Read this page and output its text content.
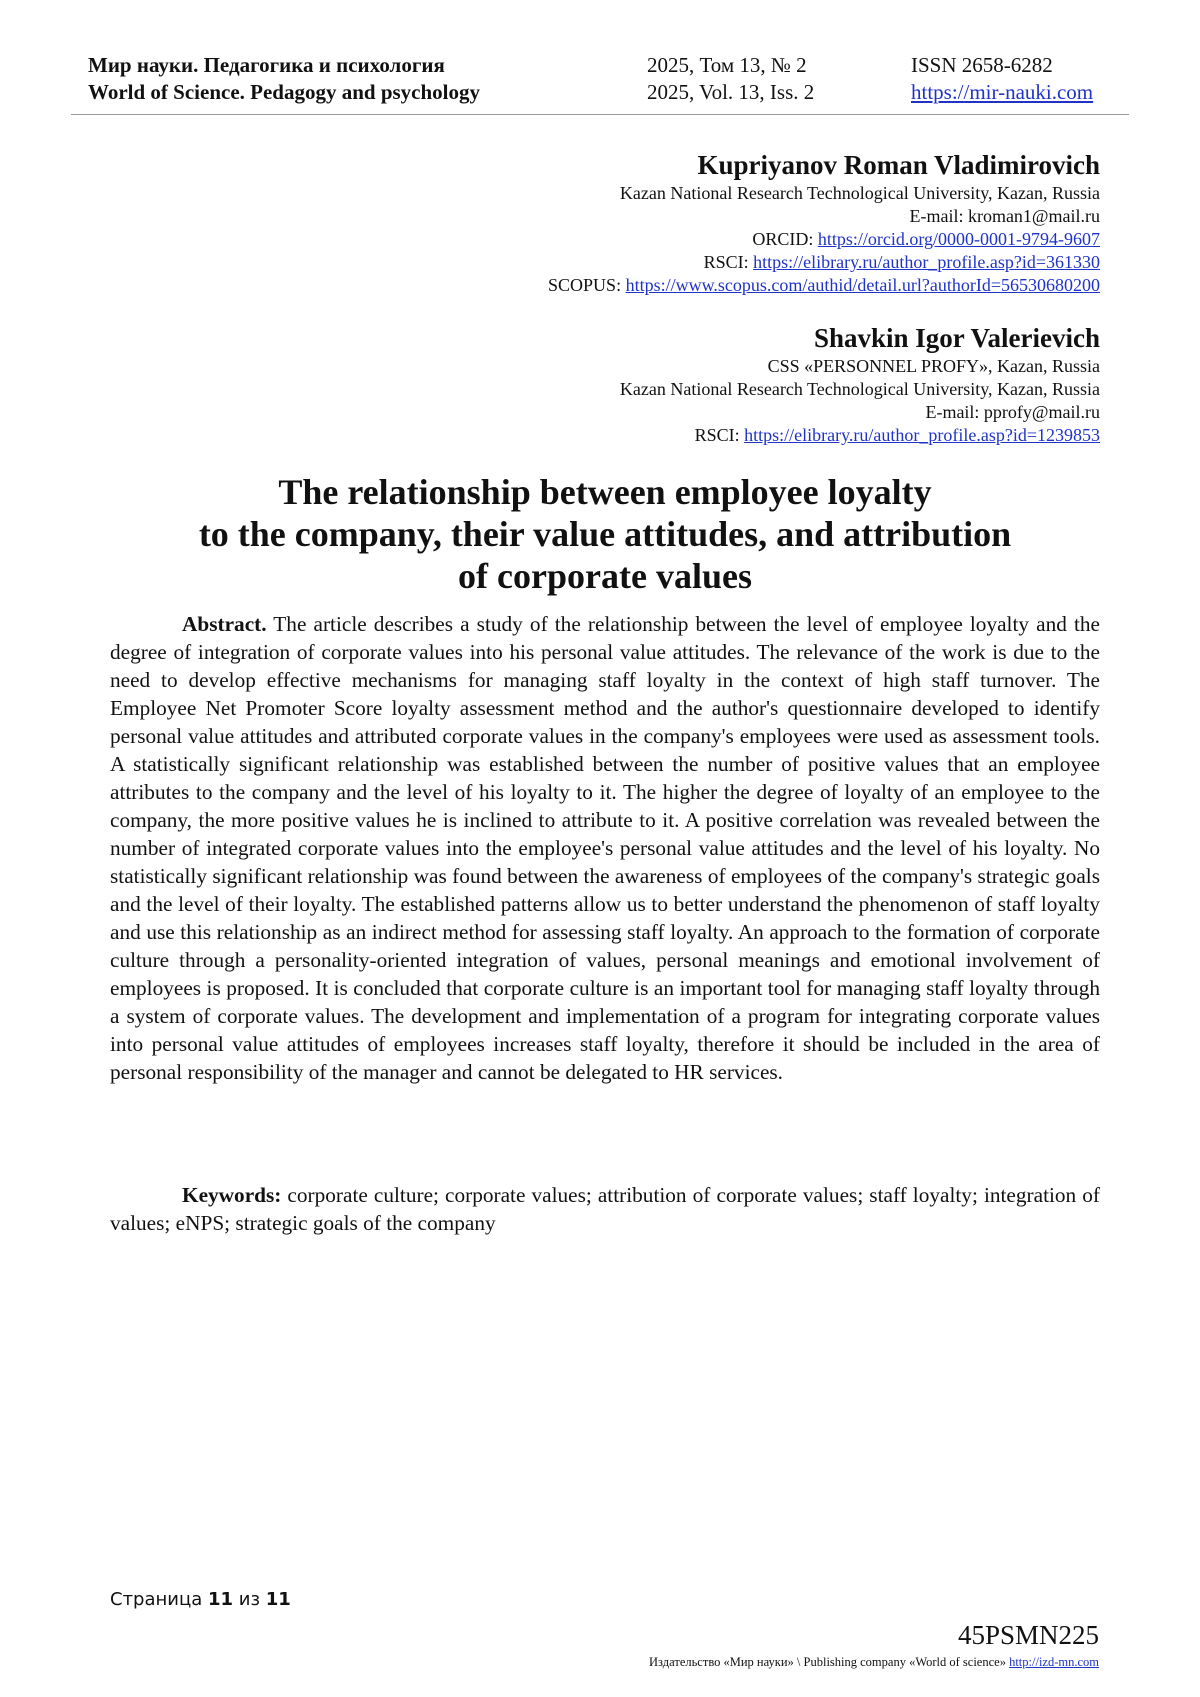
Мир науки. Педагогика и психология
World of Science. Pedagogy and psychology
2025, Том 13, № 2
2025, Vol. 13, Iss. 2
ISSN 2658-6282
https://mir-nauki.com
Kupriyanov Roman Vladimirovich
Kazan National Research Technological University, Kazan, Russia
E-mail: kroman1@mail.ru
ORCID: https://orcid.org/0000-0001-9794-9607
RSCI: https://elibrary.ru/author_profile.asp?id=361330
SCOPUS: https://www.scopus.com/authid/detail.url?authorId=56530680200
Shavkin Igor Valerievich
CSS «PERSONNEL PROFY», Kazan, Russia
Kazan National Research Technological University, Kazan, Russia
E-mail: pprofy@mail.ru
RSCI: https://elibrary.ru/author_profile.asp?id=1239853
The relationship between employee loyalty
to the company, their value attitudes, and attribution
of corporate values

Abstract. The article describes a study of the relationship between the level of employee loyalty and the degree of integration of corporate values into his personal value attitudes. The relevance of the work is due to the need to develop effective mechanisms for managing staff loyalty in the context of high staff turnover. The Employee Net Promoter Score loyalty assessment method and the author's questionnaire developed to identify personal value attitudes and attributed corporate values in the company's employees were used as assessment tools. A statistically significant relationship was established between the number of positive values that an employee attributes to the company and the level of his loyalty to it. The higher the degree of loyalty of an employee to the company, the more positive values he is inclined to attribute to it. A positive correlation was revealed between the number of integrated corporate values into the employee's personal value attitudes and the level of his loyalty. No statistically significant relationship was found between the awareness of employees of the company's strategic goals and the level of their loyalty. The established patterns allow us to better understand the phenomenon of staff loyalty and use this relationship as an indirect method for assessing staff loyalty. An approach to the formation of corporate culture through a personality-oriented integration of values, personal meanings and emotional involvement of employees is proposed. It is concluded that corporate culture is an important tool for managing staff loyalty through a system of corporate values. The development and implementation of a program for integrating corporate values into personal value attitudes of employees increases staff loyalty, therefore it should be included in the area of personal responsibility of the manager and cannot be delegated to HR services.

Keywords: corporate culture; corporate values; attribution of corporate values; staff loyalty; integration of values; eNPS; strategic goals of the company

Страница 11 из 11
45PSMN225
Издательство «Мир науки» \ Publishing company «World of science» http://izd-mn.com
